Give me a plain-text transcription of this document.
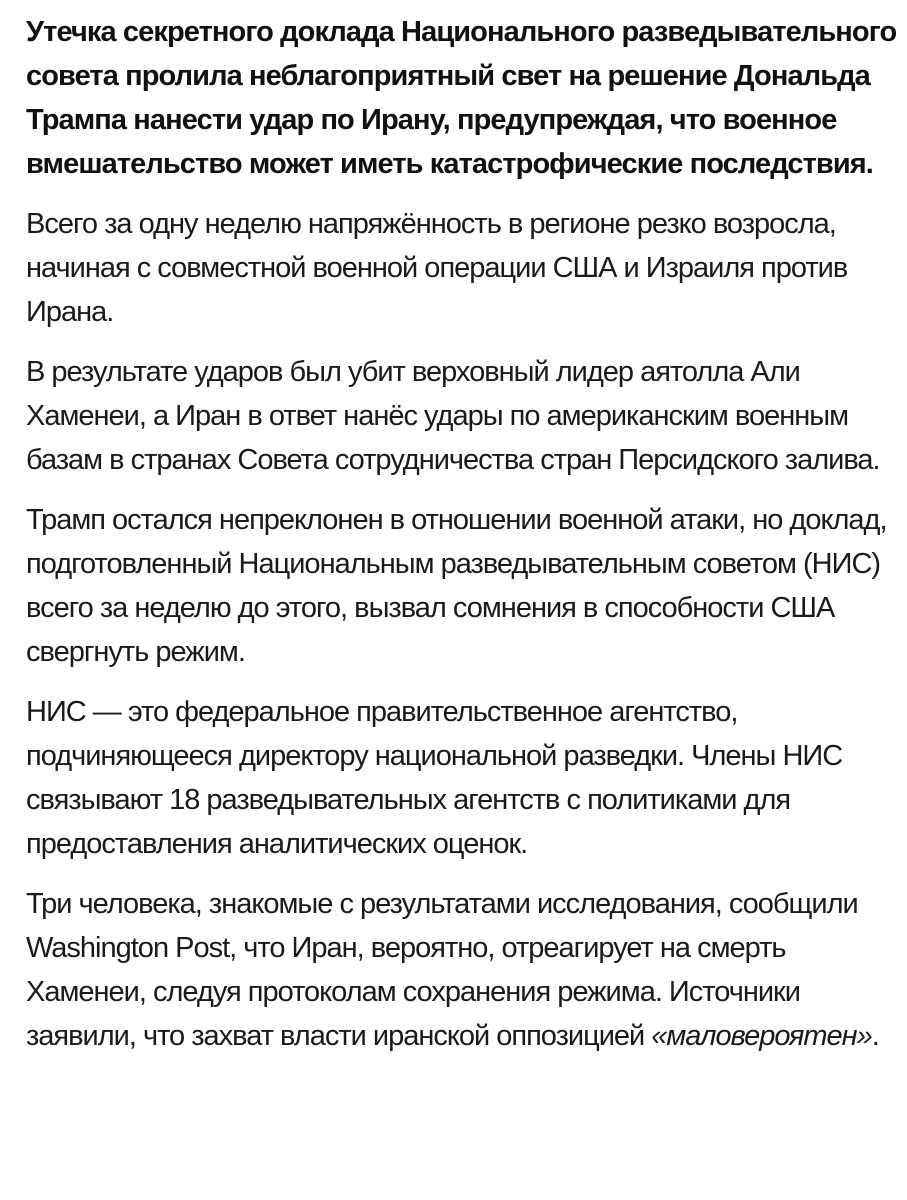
Утечка секретного доклада Национального разведывательного совета пролила неблагоприятный свет на решение Дональда Трампа нанести удар по Ирану, предупреждая, что военное вмешательство может иметь катастрофические последствия.

Всего за одну неделю напряжённость в регионе резко возросла, начиная с совместной военной операции США и Израиля против Ирана.

В результате ударов был убит верховный лидер аятолла Али Хаменеи, а Иран в ответ нанёс удары по американским военным базам в странах Совета сотрудничества стран Персидского залива.

Трамп остался непреклонен в отношении военной атаки, но доклад, подготовленный Национальным разведывательным советом (НИС) всего за неделю до этого, вызвал сомнения в способности США свергнуть режим.

НИС — это федеральное правительственное агентство, подчиняющееся директору национальной разведки. Члены НИС связывают 18 разведывательных агентств с политиками для предоставления аналитических оценок.

Три человека, знакомые с результатами исследования, сообщили Washington Post, что Иран, вероятно, отреагирует на смерть Хаменеи, следуя протоколам сохранения режима. Источники заявили, что захват власти иранской оппозицией «маловероятен».
